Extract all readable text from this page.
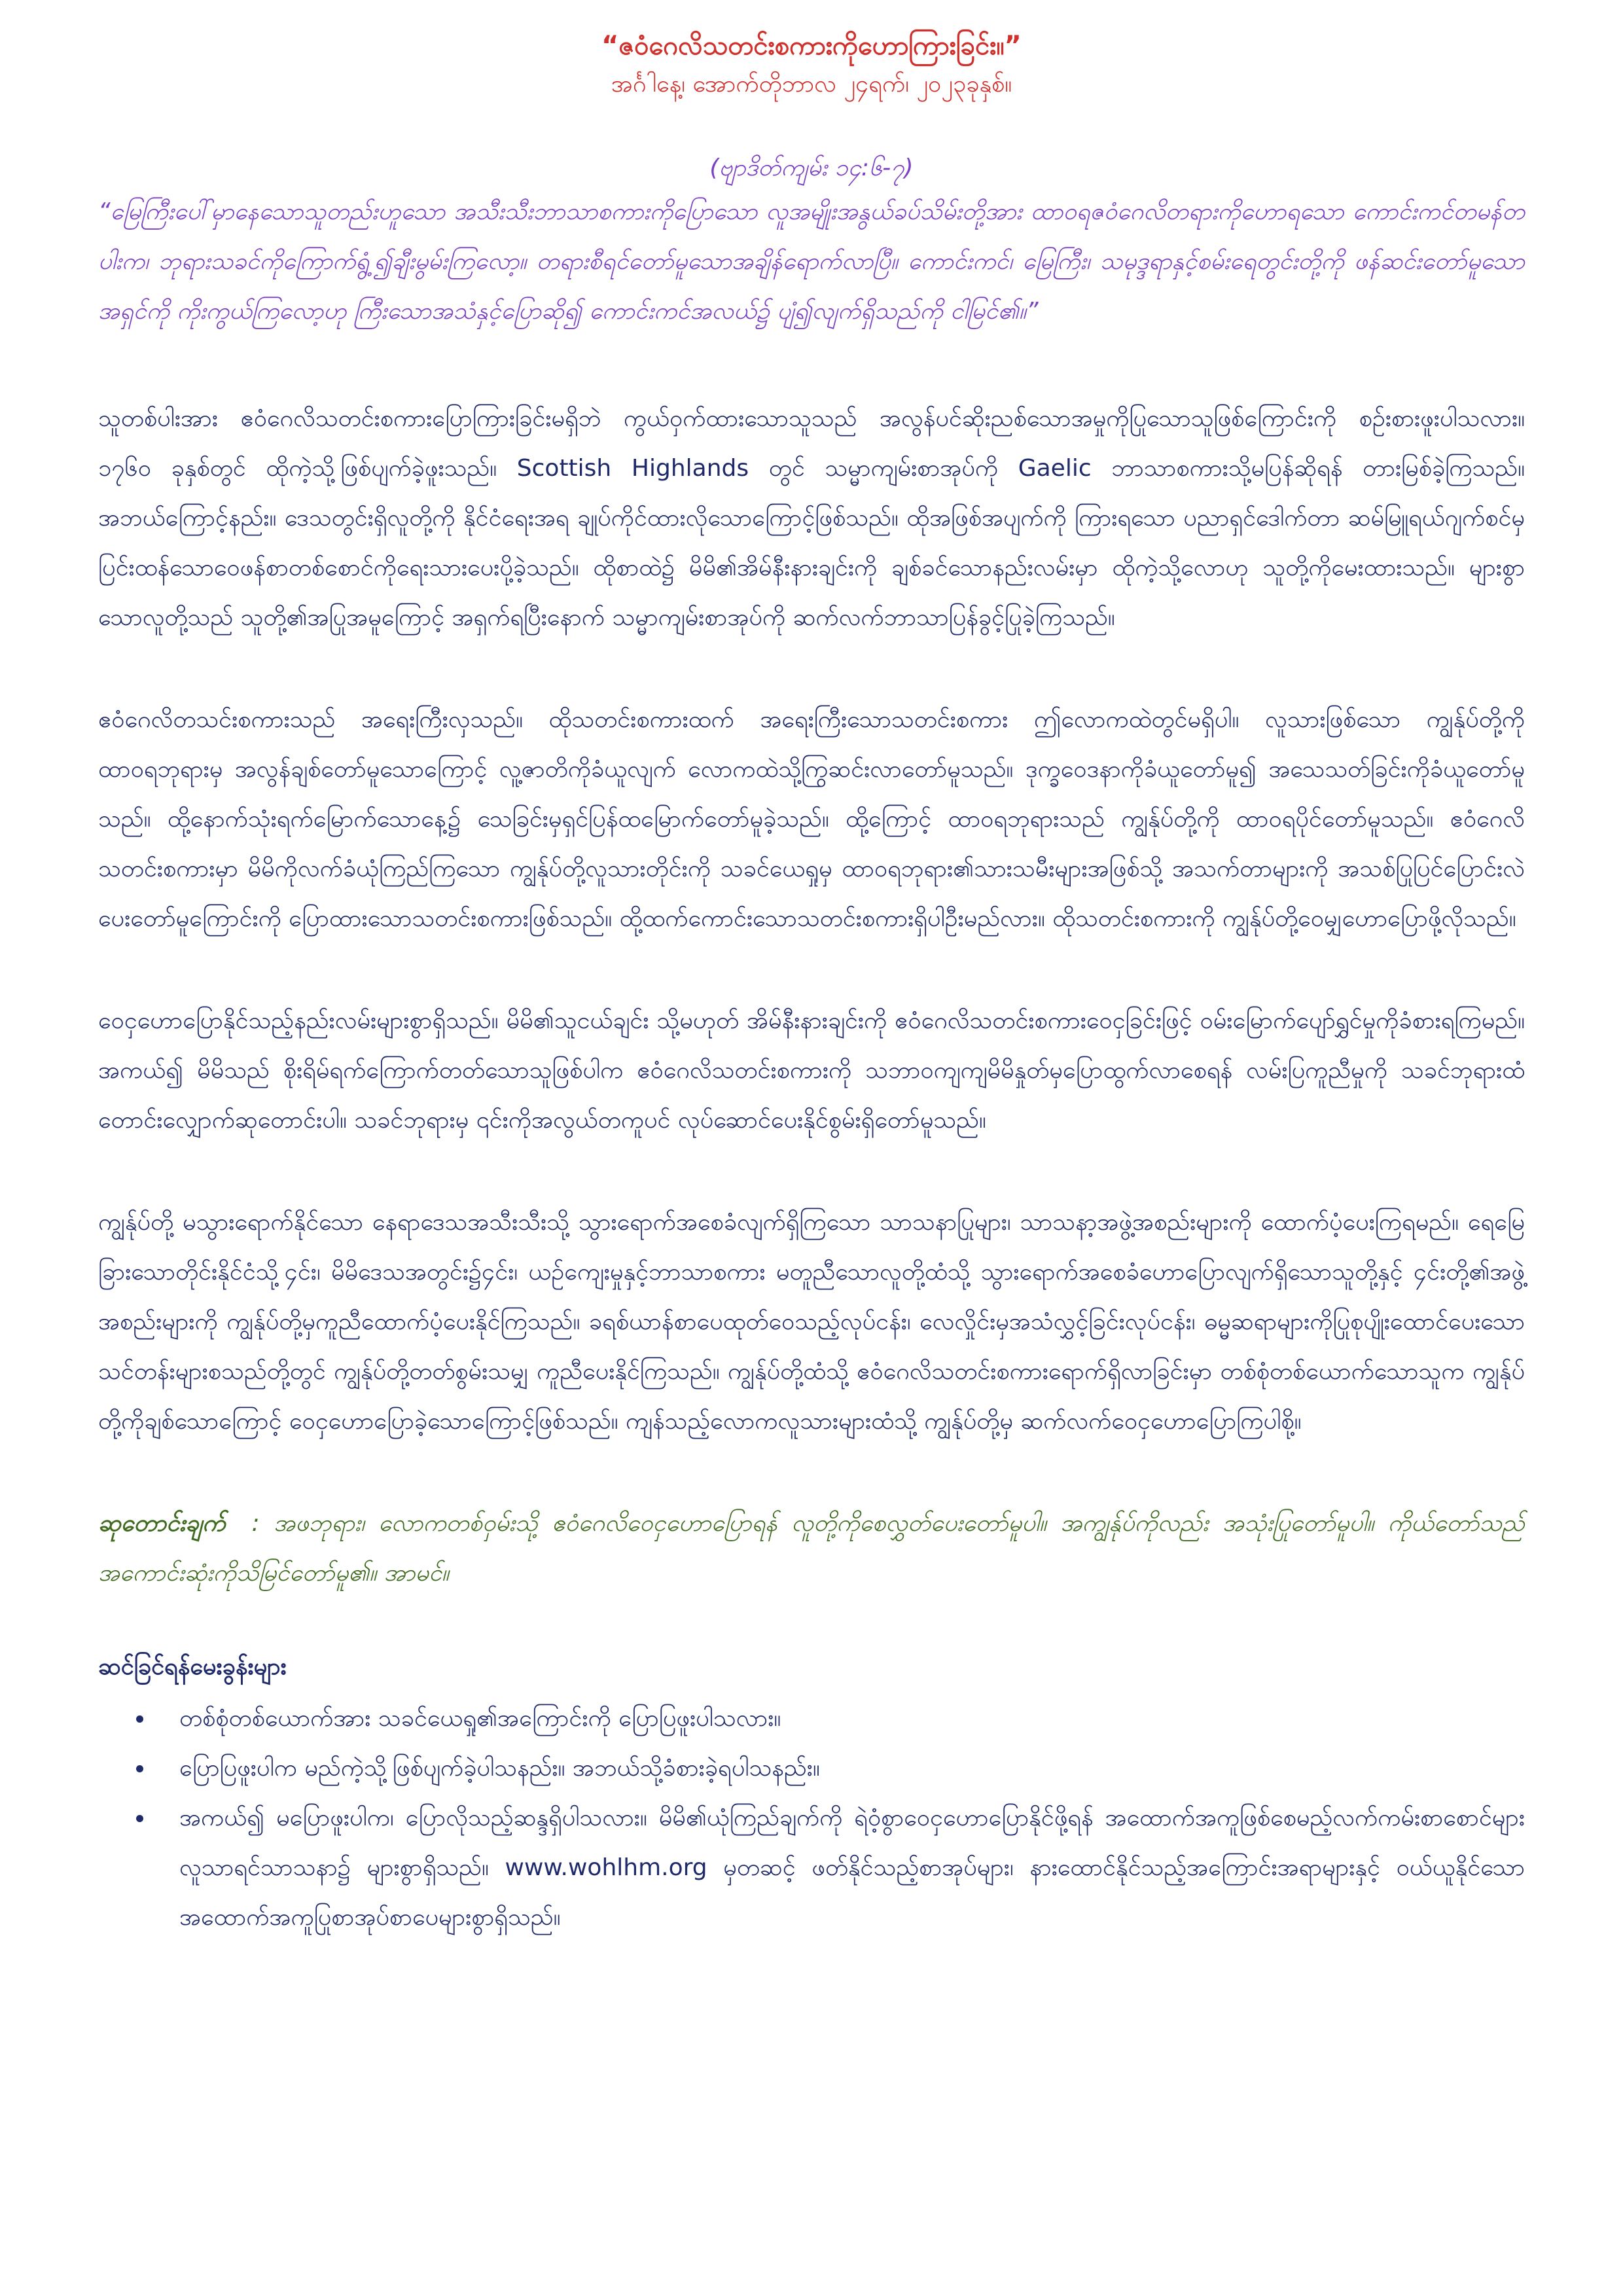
“ဇဝံဂေလိသတင်းစကားကိုဟောကြားခြင်း။”

အင်္ဂါနေ့၊ အောက်တိုဘာလ ၂၄ရက်၊ ၂၀၂၃ခုနှစ်။

(ဗျာဒိတ်ကျမ်း ၁၄:၆-၇)

“မြေကြီးပေါ်မှာနေသောသူတည်းဟူသော အသီးသီးဘာသာစကားကိုပြောသော လူအမျိုးအနွယ်ခပ်သိမ်းတို့အား ထာဝရဇဝံဂေလိတရားကိုဟောရသော ကောင်းကင်တမန်တပါးက၊ ဘုရားသခင်ကိုကြောက်ရွံ့၍ချီးမွမ်းကြလော့။ တရားစီရင်တော်မူသောအချိန်ရောက်လာပြီ။ ကောင်းကင်၊ မြေကြီး၊ သမုဒ္ဒရာနှင့်စမ်းရေတွင်းတို့ကို ဖန်ဆင်းတော်မူသောအရှင်ကို ကိုးကွယ်ကြလော့ဟု ကြီးသောအသံနှင့်ပြောဆို၍ ကောင်းကင်အလယ်၌ ပျံ၍လျက်ရှိသည်ကို ငါမြင်၏။”

သူတစ်ပါးအား ဧဝံဂေလိသတင်းစကားပြောကြားခြင်းမရှိဘဲ ကွယ်ဝှက်ထားသောသူသည် အလွန်ပင်ဆိုးညစ်သောအမှုကိုပြုသောသူဖြစ်ကြောင်းကို စဉ်းစားဖူးပါသလား။ ၁၇၆၀ ခုနှစ်တွင် ထိုကဲ့သို့ဖြစ်ပျက်ခဲ့ဖူးသည်။ Scottish Highlands တွင် သမ္မာကျမ်းစာအုပ်ကို Gaelic ဘာသာစကားသို့မပြန်ဆိုရန် တားမြစ်ခဲ့ကြသည်။ အဘယ်ကြောင့်နည်း။ ဒေသတွင်းရှိလူတို့ကို နိုင်ငံရေးအရ ချုပ်ကိုင်ထားလိုသောကြောင့်ဖြစ်သည်။ ထိုအဖြစ်အပျက်ကို ကြားရသော ပညာရှင်ဒေါက်တာ ဆမ်မြူရယ်ဂျက်စင်မှ ပြင်းထန်သောဝေဖန်စာတစ်စောင်ကိုရေးသားပေးပို့ခဲ့သည်။ ထိုစာထဲ၌ မိမိ၏အိမ်နီးနားချင်းကို ချစ်ခင်သောနည်းလမ်းမှာ ထိုကဲ့သို့လောဟု သူတို့ကိုမေးထားသည်။ များစွာသောလူတို့သည် သူတို့၏အပြုအမူကြောင့် အရှက်ရပြီးနောက် သမ္မာကျမ်းစာအုပ်ကို ဆက်လက်ဘာသာပြန်ခွင့်ပြုခဲ့ကြသည်။

ဧဝံဂေလိတသင်းစကားသည် အရေးကြီးလှသည်။ ထိုသတင်းစကားထက် အရေးကြီးသောသတင်းစကား ဤလောကထဲတွင်မရှိပါ။ လူသားဖြစ်သော ကျွန်ုပ်တို့ကို ထာဝရဘုရားမှ အလွန်ချစ်တော်မူသောကြောင့် လူ့ဇာတိကိုခံယူလျက် လောကထဲသို့ကြွဆင်းလာတော်မူသည်။ ဒုက္ခဝေဒနာကိုခံယူတော်မူ၍ အသေသတ်ခြင်းကိုခံယူတော်မူသည်။ ထို့နောက်သုံးရက်မြောက်သောနေ့၌ သေခြင်းမှရှင်ပြန်ထမြောက်တော်မူခဲ့သည်။ ထို့ကြောင့် ထာဝရဘုရားသည် ကျွန်ုပ်တို့ကို ထာဝရပိုင်တော်မူသည်။ ဧဝံဂေလိသတင်းစကားမှာ မိမိကိုလက်ခံယုံကြည်ကြသော ကျွန်ုပ်တို့လူသားတိုင်းကို သခင်ယေရှုမှ ထာဝရဘုရား၏သားသမီးများအဖြစ်သို့ အသက်တာများကို အသစ်ပြုပြင်ပြောင်းလဲပေးတော်မူကြောင်းကို ပြောထားသောသတင်းစကားဖြစ်သည်။ ထို့ထက်ကောင်းသောသတင်းစကားရှိပါဦးမည်လား။ ထိုသတင်းစကားကို ကျွန်ုပ်တို့ဝေမျှဟောပြောဖို့လိုသည်။

ဝေငှဟောပြောနိုင်သည့်နည်းလမ်းများစွာရှိသည်။ မိမိ၏သူငယ်ချင်း သို့မဟုတ် အိမ်နီးနားချင်းကို ဧဝံဂေလိသတင်းစကားဝေငှခြင်းဖြင့် ဝမ်းမြောက်ပျော်ရွှင်မှုကိုခံစားရကြမည်။ အကယ်၍ မိမိသည် စိုးရိမ်ရက်ကြောက်တတ်သောသူဖြစ်ပါက ဧဝံဂေလိသတင်းစကားကို သဘာဝကျကျမိမိနှုတ်မှပြောထွက်လာစေရန် လမ်းပြကူညီမှုကို သခင်ဘုရားထံ တောင်းလျှောက်ဆုတောင်းပါ။ သခင်ဘုရားမှ ၎င်းကိုအလွယ်တကူပင် လုပ်ဆောင်ပေးနိုင်စွမ်းရှိတော်မူသည်။

ကျွန်ုပ်တို့ မသွားရောက်နိုင်သော နေရာဒေသအသီးသီးသို့ သွားရောက်အစေခံလျက်ရှိကြသော သာသနာပြုများ၊ သာသနာ့အဖွဲ့အစည်းများကို ထောက်ပံ့ပေးကြရမည်။ ရေမြေခြားသောတိုင်းနိုင်ငံသို့၄င်း၊ မိမိဒေသအတွင်း၌၄င်း၊ ယဉ်ကျေးမှုနှင့်ဘာသာစကား မတူညီသောလူတို့ထံသို့ သွားရောက်အစေခံဟောပြောလျက်ရှိသောသူတို့နှင့် ၄င်းတို့၏အဖွဲ့အစည်းများကို ကျွန်ုပ်တို့မှကူညီထောက်ပံ့ပေးနိုင်ကြသည်။ ခရစ်ယာန်စာပေထုတ်ဝေသည့်လုပ်ငန်း၊ လေလှိုင်းမှအသံလွှင့်ခြင်းလုပ်ငန်း၊ ဓမ္မဆရာများကိုပြုစုပျိုးထောင်ပေးသောသင်တန်းများစသည်တို့တွင် ကျွန်ုပ်တို့တတ်စွမ်းသမျှ ကူညီပေးနိုင်ကြသည်။ ကျွန်ုပ်တို့ထံသို့ ဧဝံဂေလိသတင်းစကားရောက်ရှိလာခြင်းမှာ တစ်စုံတစ်ယောက်သောသူက ကျွန်ုပ်တို့ကိုချစ်သောကြောင့် ဝေငှဟောပြောခဲ့သောကြောင့်ဖြစ်သည်။ ကျန်သည့်လောကလူသားများထံသို့ ကျွန်ုပ်တို့မှ ဆက်လက်ဝေငှဟောပြောကြပါစို့။

ဆုတောင်းချက် : အဖဘုရား၊ လောကတစ်ဝှမ်းသို့ ဧဝံဂေလိဝေငှဟောပြောရန် လူတို့ကိုစေလွှတ်ပေးတော်မူပါ။ အကျွန်ုပ်ကိုလည်း အသုံးပြုတော်မူပါ။ ကိုယ်တော်သည် အကောင်းဆုံးကိုသိမြင်တော်မူ၏။ အာမင်။

ဆင်ခြင်ရန်မေးခွန်းများ

• တစ်စုံတစ်ယောက်အား သခင်ယေရှု၏အကြောင်းကို ပြောပြဖူးပါသလား။
• ပြောပြဖူးပါက မည်ကဲ့သို့ဖြစ်ပျက်ခဲ့ပါသနည်း။ အဘယ်သို့ခံစားခဲ့ရပါသနည်း။
• အကယ်၍ မပြောဖူးပါက၊ ပြောလိုသည့်ဆန္ဒရှိပါသလား။ မိမိ၏ယုံကြည်ချက်ကို ရဲဝံ့စွာဝေငှဟောပြောနိုင်ဖို့ရန် အထောက်အကူဖြစ်စေမည့်လက်ကမ်းစာစောင်များ လူသာရင်သာသနာ၌ များစွာရှိသည်။ www.wohlhm.org မှတဆင့် ဖတ်နိုင်သည့်စာအုပ်များ၊ နားထောင်နိုင်သည့်အကြောင်းအရာများနှင့် ဝယ်ယူနိုင်သော အထောက်အကူပြုစာအုပ်စာပေများစွာရှိသည်။
